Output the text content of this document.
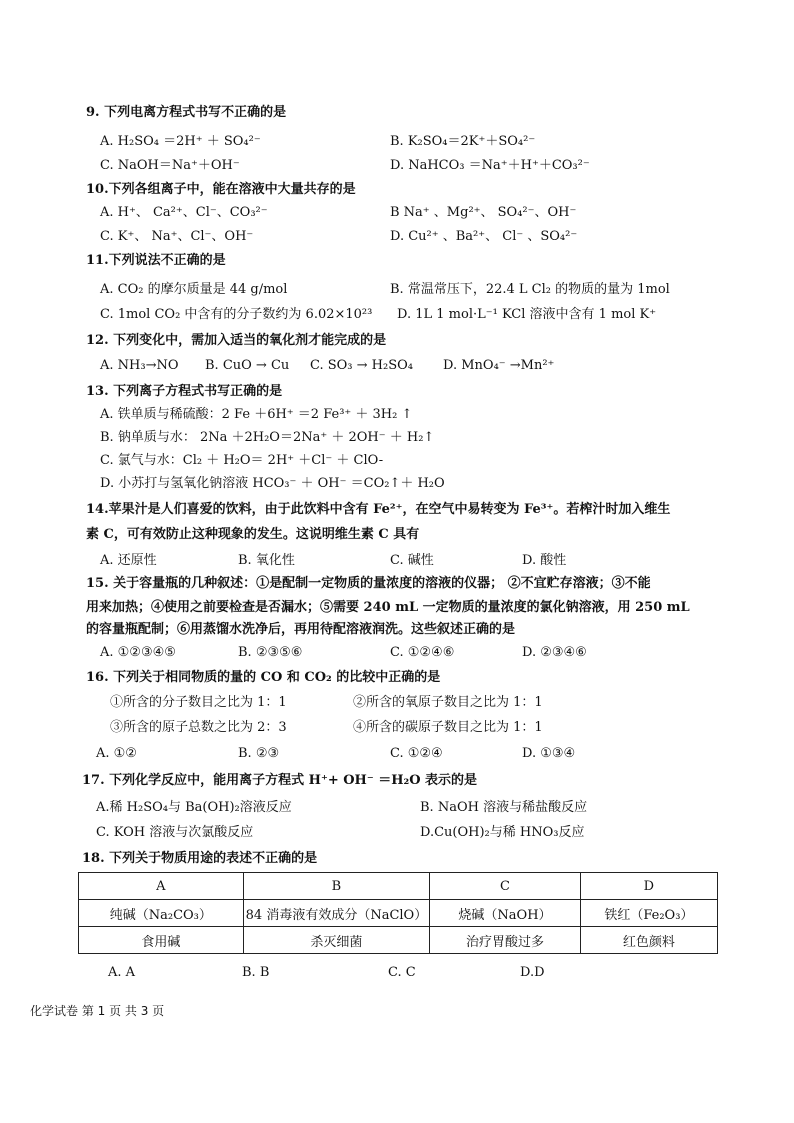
9. 下列电离方程式书写不正确的是
A. H₂SO₄ ＝2H⁺ ＋ SO₄²⁻	B. K₂SO₄＝2K⁺＋SO₄²⁻
C. NaOH＝Na⁺＋OH⁻	D. NaHCO₃ ＝Na⁺＋H⁺＋CO₃²⁻
10.下列各组离子中，能在溶液中大量共存的是
A. H⁺、 Ca²⁺、Cl⁻、CO₃²⁻	B Na⁺ 、Mg²⁺、 SO₄²⁻、OH⁻
C. K⁺、 Na⁺、Cl⁻、OH⁻	D. Cu²⁺ 、Ba²⁺、 Cl⁻ 、SO₄²⁻
11.下列说法不正确的是
A. CO₂ 的摩尔质量是 44 g/mol	B. 常温常压下，22.4 L Cl₂ 的物质的量为 1mol
C. 1mol CO₂ 中含有的分子数约为 6.02×10²³ D. 1L 1 mol·L⁻¹ KCl 溶液中含有 1 mol K⁺
12. 下列变化中，需加入适当的氧化剂才能完成的是
A. NH₃→NO B. CuO → Cu C. SO₃ → H₂SO₄ D. MnO₄⁻ →Mn²⁺
13. 下列离子方程式书写正确的是
A. 铁单质与稀硫酸：2 Fe ＋6H⁺ ＝2 Fe³⁺ ＋ 3H₂ ↑
B. 钠单质与水： 2Na ＋2H₂O＝2Na⁺ ＋ 2OH⁻ ＋ H₂↑
C. 氯气与水：Cl₂ ＋ H₂O＝ 2H⁺ ＋Cl⁻ ＋ ClO-
D. 小苏打与氢氧化钠溶液 HCO₃⁻ ＋ OH⁻ ＝CO₂↑＋ H₂O
14.苹果汁是人们喜爱的饮料，由于此饮料中含有 Fe²⁺，在空气中易转变为 Fe³⁺。若榨汁时加入维生
素 C，可有效防止这种现象的发生。这说明维生素 C 具有
A. 还原性	B. 氧化性	C. 碱性	D. 酸性
15. 关于容量瓶的几种叙述：①是配制一定物质的量浓度的溶液的仪器； ②不宜贮存溶液；③不能
用来加热；④使用之前要检查是否漏水；⑤需要 240 mL 一定物质的量浓度的氯化钠溶液，用 250 mL
的容量瓶配制；⑥用蒸馏水洗净后，再用待配溶液润洗。这些叙述正确的是
A. ①②③④⑤	B. ②③⑤⑥	C. ①②④⑥	D. ②③④⑥
16. 下列关于相同物质的量的 CO 和 CO₂ 的比较中正确的是
①所含的分子数目之比为 1：1	②所含的氧原子数目之比为 1：1
③所含的原子总数之比为 2：3	④所含的碳原子数目之比为 1：1
A. ①②	B. ②③	C. ①②④	D. ①③④
17. 下列化学反应中，能用离子方程式 H⁺+ OH⁻ ＝H₂O 表示的是
A.稀 H₂SO₄与 Ba(OH)₂溶液反应	B. NaOH 溶液与稀盐酸反应
C. KOH 溶液与次氯酸反应	D.Cu(OH)₂与稀 HNO₃反应
18. 下列关于物质用途的表述不正确的是
A	B	C	D
纯碱（Na₂CO₃）	84 消毒液有效成分（NaClO）	烧碱（NaOH）	铁红（Fe₂O₃）
食用碱	杀灭细菌	治疗胃酸过多	红色颜料
A. A	B. B	C. C	D.D
化学试卷 第 1 页 共 3 页
